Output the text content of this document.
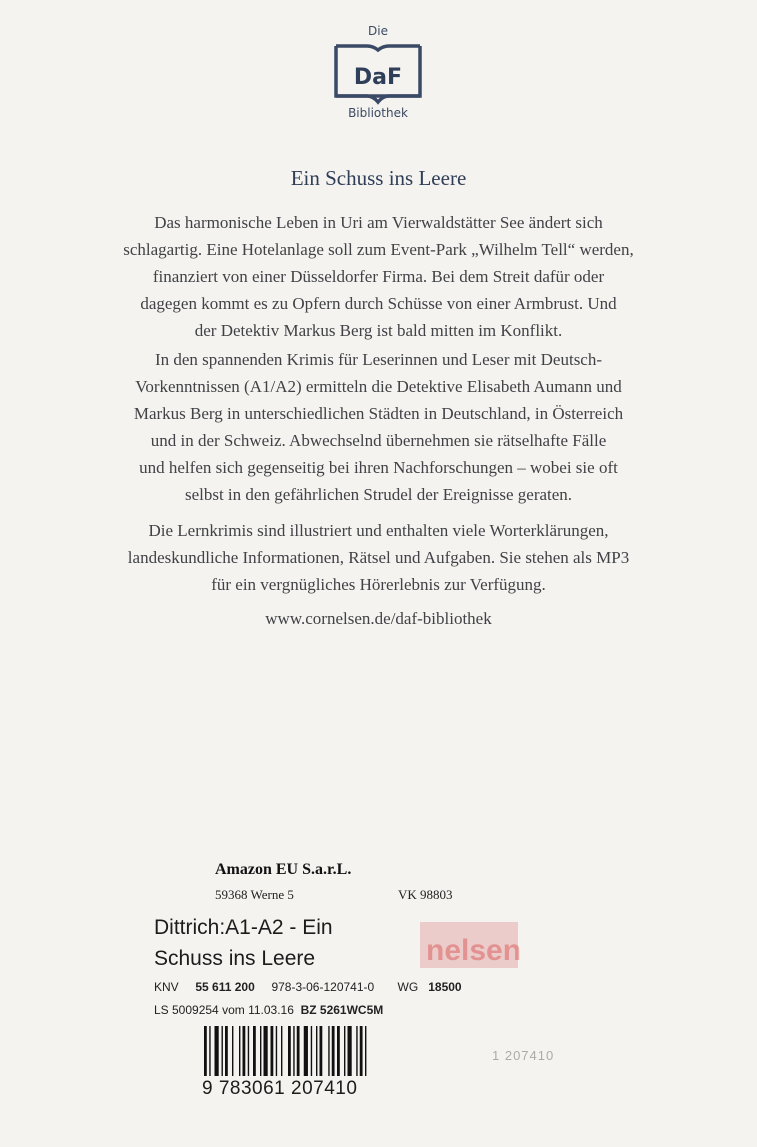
Die
DaF
Bibliothek
Ein Schuss ins Leere
Das harmonische Leben in Uri am Vierwaldstätter See ändert sich
schlagartig. Eine Hotelanlage soll zum Event-Park „Wilhelm Tell“ werden,
finanziert von einer Düsseldorfer Firma. Bei dem Streit dafür oder
dagegen kommt es zu Opfern durch Schüsse von einer Armbrust. Und
der Detektiv Markus Berg ist bald mitten im Konflikt.
In den spannenden Krimis für Leserinnen und Leser mit Deutsch-
Vorkenntnissen (A1/A2) ermitteln die Detektive Elisabeth Aumann und
Markus Berg in unterschiedlichen Städten in Deutschland, in Österreich
und in der Schweiz. Abwechselnd übernehmen sie rätselhafte Fälle
und helfen sich gegenseitig bei ihren Nachforschungen – wobei sie oft
selbst in den gefährlichen Strudel der Ereignisse geraten.
Die Lernkrimis sind illustriert und enthalten viele Worterklärungen,
landeskundliche Informationen, Rätsel und Aufgaben. Sie stehen als MP3
für ein vergnügliches Hörerlebnis zur Verfügung.
www.cornelsen.de/daf-bibliothek
nelsen
1 207410
Amazon EU S.a.r.L.
59368 Werne 5	VK 98803
Dittrich:A1-A2 - Ein
Schuss ins Leere
KNV 55 611 200 978-3-06-120741-0 WG 18500
LS 5009254 vom 11.03.16 BZ 5261WC5M
9 783061 207410
